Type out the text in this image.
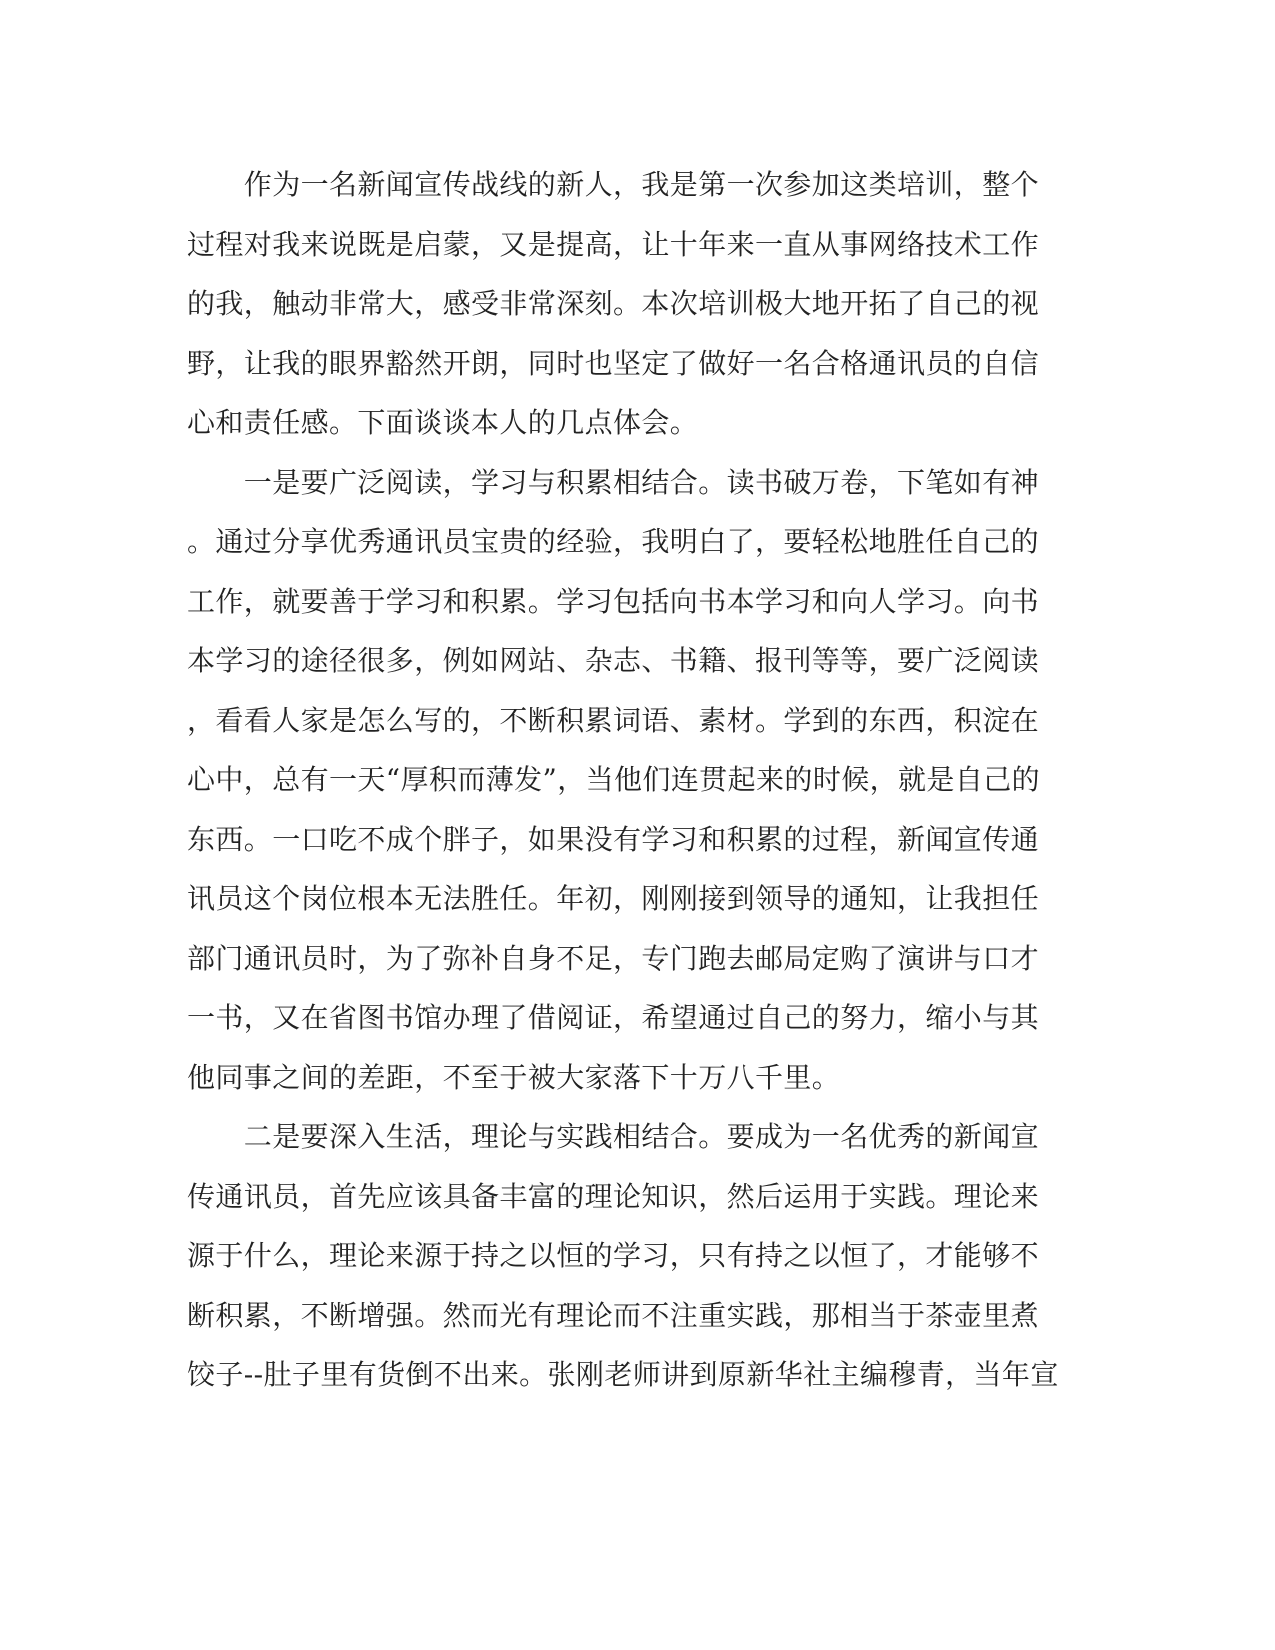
　　作为一名新闻宣传战线的新人，我是第一次参加这类培训，整个
过程对我来说既是启蒙，又是提高，让十年来一直从事网络技术工作
的我，触动非常大，感受非常深刻。本次培训极大地开拓了自己的视
野，让我的眼界豁然开朗，同时也坚定了做好一名合格通讯员的自信
心和责任感。下面谈谈本人的几点体会。
　　一是要广泛阅读，学习与积累相结合。读书破万卷，下笔如有神
。通过分享优秀通讯员宝贵的经验，我明白了，要轻松地胜任自己的
工作，就要善于学习和积累。学习包括向书本学习和向人学习。向书
本学习的途径很多，例如网站、杂志、书籍、报刊等等，要广泛阅读
，看看人家是怎么写的，不断积累词语、素材。学到的东西，积淀在
心中，总有一天“厚积而薄发”，当他们连贯起来的时候，就是自己的
东西。一口吃不成个胖子，如果没有学习和积累的过程，新闻宣传通
讯员这个岗位根本无法胜任。年初，刚刚接到领导的通知，让我担任
部门通讯员时，为了弥补自身不足，专门跑去邮局定购了演讲与口才
一书，又在省图书馆办理了借阅证，希望通过自己的努力，缩小与其
他同事之间的差距，不至于被大家落下十万八千里。
　　二是要深入生活，理论与实践相结合。要成为一名优秀的新闻宣
传通讯员，首先应该具备丰富的理论知识，然后运用于实践。理论来
源于什么，理论来源于持之以恒的学习，只有持之以恒了，才能够不
断积累，不断增强。然而光有理论而不注重实践，那相当于茶壶里煮
饺子--肚子里有货倒不出来。张刚老师讲到原新华社主编穆青，当年宣
